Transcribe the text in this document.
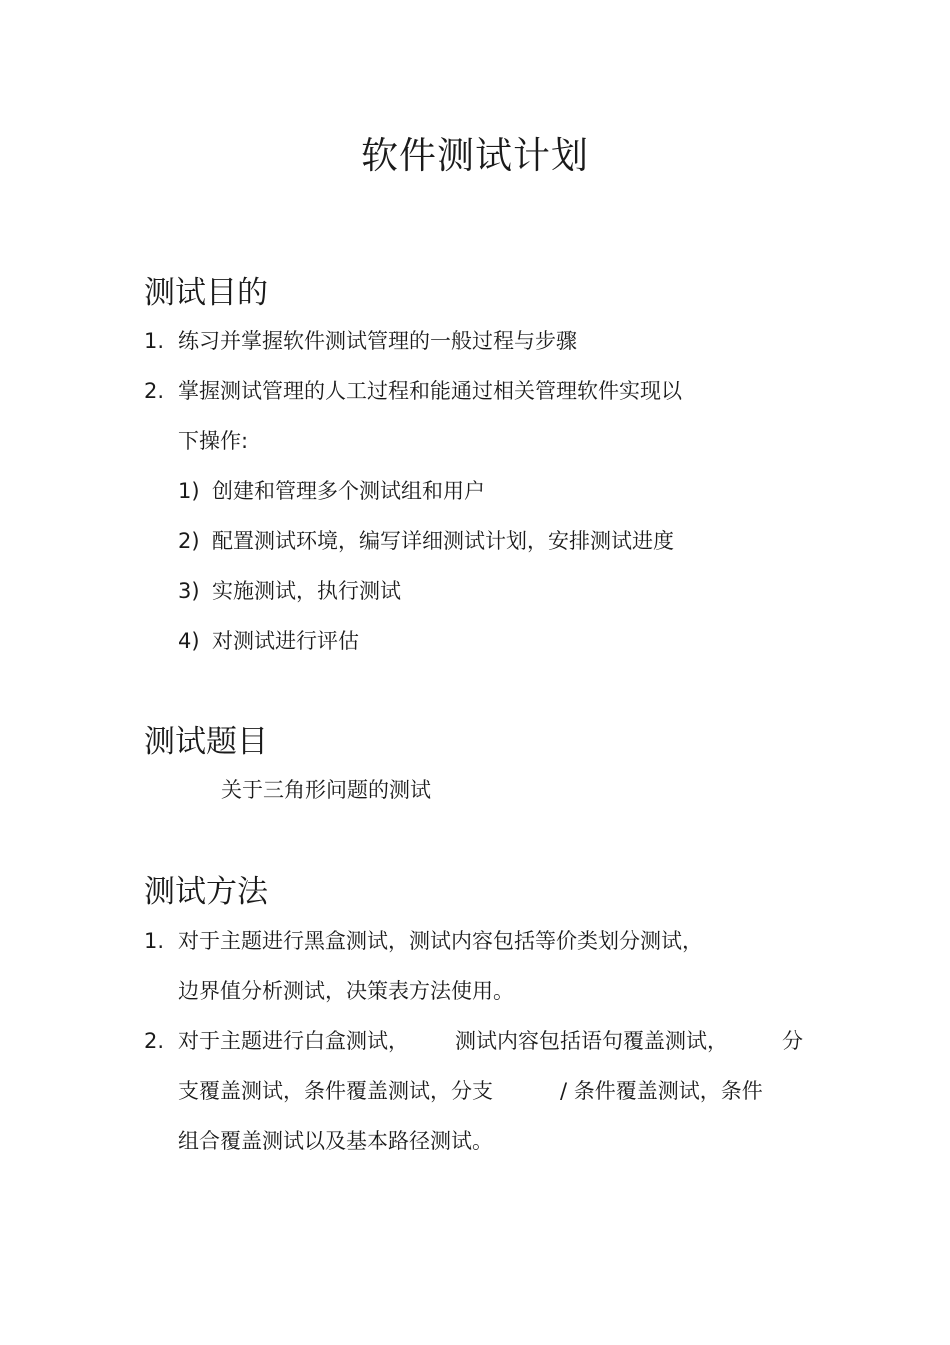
软件测试计划
测试目的
1. 练习并掌握软件测试管理的一般过程与步骤
2. 掌握测试管理的人工过程和能通过相关管理软件实现以
下操作:
1) 创建和管理多个测试组和用户
2) 配置测试环境，编写详细测试计划，安排测试进度
3) 实施测试，执行测试
4) 对测试进行评估
测试题目
关于三角形问题的测试
测试方法
1. 对于主题进行黑盒测试，测试内容包括等价类划分测试，
边界值分析测试，决策表方法使用。
2. 对于主题进行白盒测试， 测试内容包括语句覆盖测试，	分
支覆盖测试，条件覆盖测试，分支	/ 条件覆盖测试，条件
组合覆盖测试以及基本路径测试。
